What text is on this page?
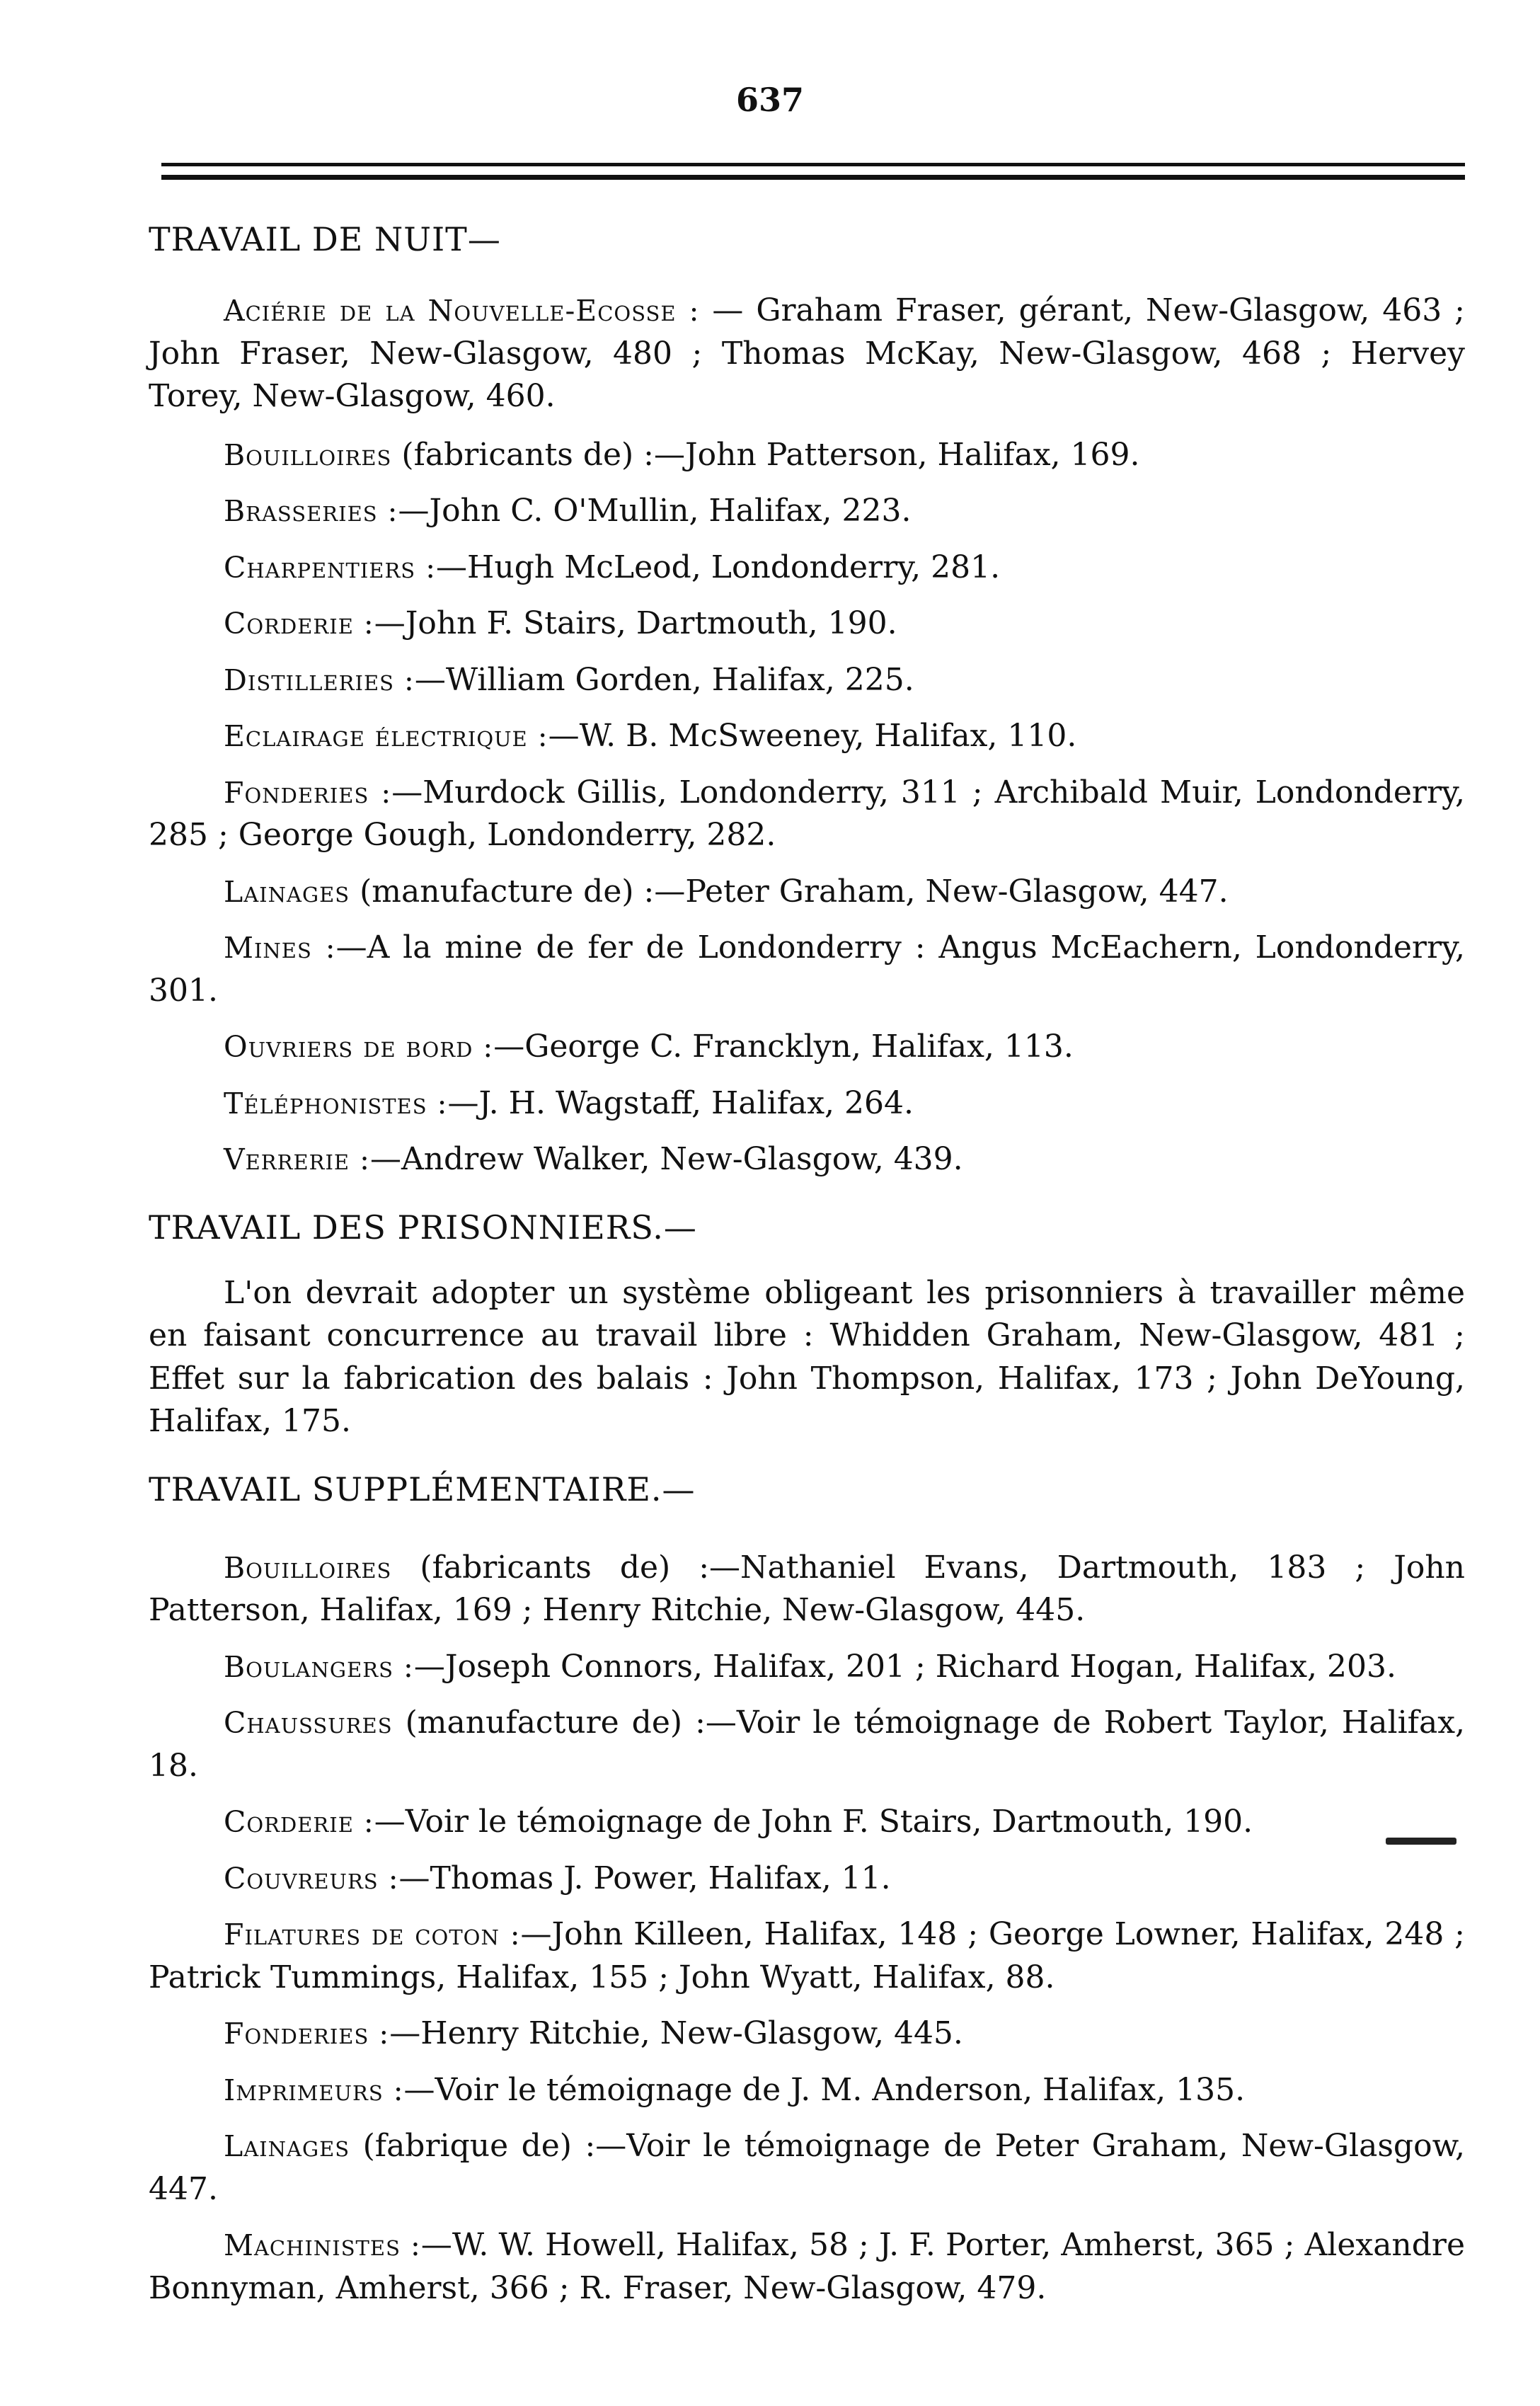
637
TRAVAIL DE NUIT—

Aciérie de la Nouvelle-Ecosse : — Graham Fraser, gérant, New-Glasgow, 463 ; John Fraser, New-Glasgow, 480 ; Thomas McKay, New-Glasgow, 468 ; Hervey Torey, New-Glasgow, 460.

Bouilloires (fabricants de) :—John Patterson, Halifax, 169.

Brasseries :—John C. O'Mullin, Halifax, 223.

Charpentiers :—Hugh McLeod, Londonderry, 281.

Corderie :—John F. Stairs, Dartmouth, 190.

Distilleries :—William Gorden, Halifax, 225.

Eclairage électrique :—W. B. McSweeney, Halifax, 110.

Fonderies :—Murdock Gillis, Londonderry, 311 ; Archibald Muir, Londonderry, 285 ; George Gough, Londonderry, 282.

Lainages (manufacture de) :—Peter Graham, New-Glasgow, 447.

Mines :—A la mine de fer de Londonderry : Angus McEachern, Londonderry, 301.

Ouvriers de bord :—George C. Francklyn, Halifax, 113.

Téléphonistes :—J. H. Wagstaff, Halifax, 264.

Verrerie :—Andrew Walker, New-Glasgow, 439.

TRAVAIL DES PRISONNIERS.—

L'on devrait adopter un système obligeant les prisonniers à travailler même en faisant concurrence au travail libre : Whidden Graham, New-Glasgow, 481 ; Effet sur la fabrication des balais : John Thompson, Halifax, 173 ; John DeYoung, Halifax, 175.

TRAVAIL SUPPLÉMENTAIRE.—

Bouilloires (fabricants de) :—Nathaniel Evans, Dartmouth, 183 ; John Patterson, Halifax, 169 ; Henry Ritchie, New-Glasgow, 445.

Boulangers :—Joseph Connors, Halifax, 201 ; Richard Hogan, Halifax, 203.

Chaussures (manufacture de) :—Voir le témoignage de Robert Taylor, Halifax, 18.

Corderie :—Voir le témoignage de John F. Stairs, Dartmouth, 190.

Couvreurs :—Thomas J. Power, Halifax, 11.

Filatures de coton :—John Killeen, Halifax, 148 ; George Lowner, Halifax, 248 ; Patrick Tummings, Halifax, 155 ; John Wyatt, Halifax, 88.

Fonderies :—Henry Ritchie, New-Glasgow, 445.

Imprimeurs :—Voir le témoignage de J. M. Anderson, Halifax, 135.

Lainages (fabrique de) :—Voir le témoignage de Peter Graham, New-Glasgow, 447.

Machinistes :—W. W. Howell, Halifax, 58 ; J. F. Porter, Amherst, 365 ; Alexandre Bonnyman, Amherst, 366 ; R. Fraser, New-Glasgow, 479.
